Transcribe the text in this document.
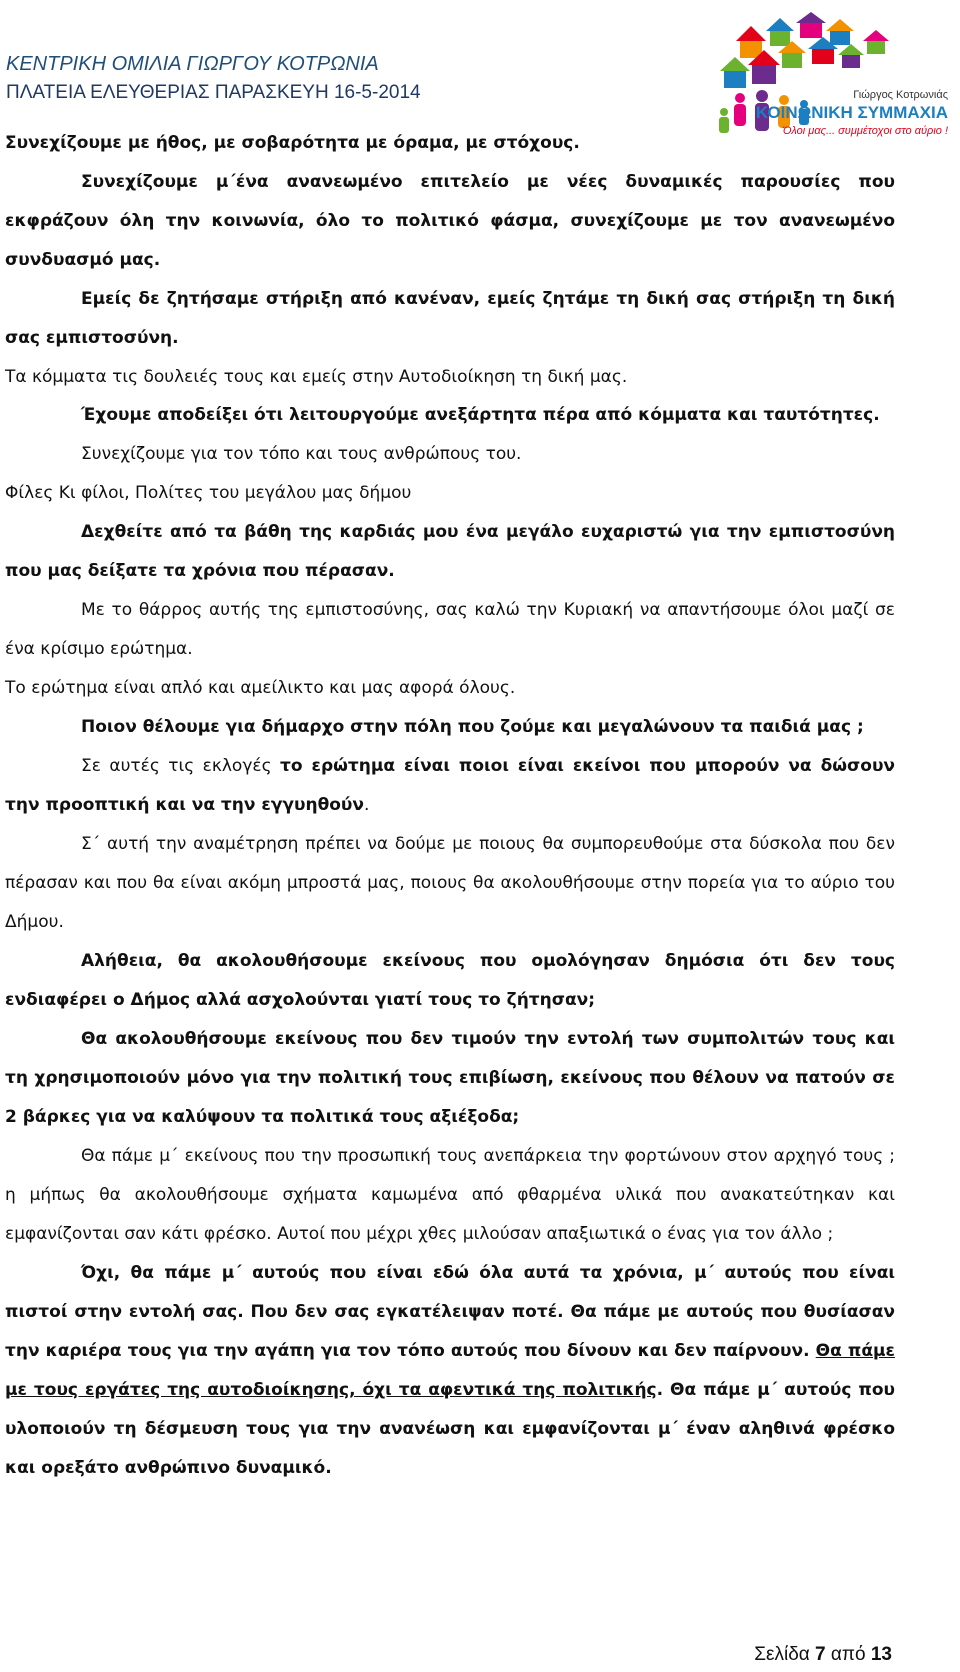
ΚΕΝΤΡΙΚΗ ΟΜΙΛΙΑ ΓΙΩΡΓΟΥ ΚΟΤΡΩΝΙΑ
ΠΛΑΤΕΙΑ ΕΛΕΥΘΕΡΙΑΣ ΠΑΡΑΣΚΕΥΗ 16-5-2014	Γιώργος Κοτρωνιάς
ΚΟΙΝΩΝΙΚΗ ΣΥΜΜΑΧΙΑ
Όλοι μας... συμμέτοχοι στο αύριο !

Συνεχίζουμε με ήθος, με σοβαρότητα με όραμα, με στόχους.

Συνεχίζουμε μ΄ένα ανανεωμένο επιτελείο με νέες δυναμικές παρουσίες που εκφράζουν όλη την κοινωνία, όλο το πολιτικό φάσμα, συνεχίζουμε με τον ανανεωμένο συνδυασμό μας.

Εμείς δε ζητήσαμε στήριξη από κανέναν, εμείς ζητάμε τη δική σας στήριξη τη δική σας εμπιστοσύνη.

Τα κόμματα τις δουλειές τους και εμείς στην Αυτοδιοίκηση τη δική μας.

Έχουμε αποδείξει ότι λειτουργούμε ανεξάρτητα πέρα από κόμματα και ταυτότητες.

Συνεχίζουμε για τον τόπο και τους ανθρώπους του.

Φίλες Κι φίλοι, Πολίτες του μεγάλου μας δήμου

Δεχθείτε από τα βάθη της καρδιάς μου ένα μεγάλο ευχαριστώ για την εμπιστοσύνη που μας δείξατε τα χρόνια που πέρασαν.

Με το θάρρος αυτής της εμπιστοσύνης, σας καλώ την Κυριακή να απαντήσουμε όλοι μαζί σε ένα κρίσιμο ερώτημα.

Το ερώτημα είναι απλό και αμείλικτο και μας αφορά όλους.

Ποιον θέλουμε για δήμαρχο στην πόλη που ζούμε και μεγαλώνουν τα παιδιά μας ;

Σε αυτές τις εκλογές το ερώτημα είναι ποιοι είναι εκείνοι που μπορούν να δώσουν την προοπτική και να την εγγυηθούν.

Σ΄ αυτή την αναμέτρηση πρέπει να δούμε με ποιους θα συμπορευθούμε στα δύσκολα που δεν πέρασαν και που θα είναι ακόμη μπροστά μας, ποιους θα ακολουθήσουμε στην πορεία για το αύριο του Δήμου.

Αλήθεια, θα ακολουθήσουμε εκείνους που ομολόγησαν δημόσια ότι δεν τους ενδιαφέρει ο Δήμος αλλά ασχολούνται γιατί τους το ζήτησαν;

Θα ακολουθήσουμε εκείνους που δεν τιμούν την εντολή των συμπολιτών τους και τη χρησιμοποιούν μόνο για την πολιτική τους επιβίωση, εκείνους που θέλουν να πατούν σε 2 βάρκες για να καλύψουν τα πολιτικά τους αξιέξοδα;

Θα πάμε μ΄ εκείνους που την προσωπική τους ανεπάρκεια την φορτώνουν στον αρχηγό τους ; η μήπως θα ακολουθήσουμε σχήματα καμωμένα από φθαρμένα υλικά που ανακατεύτηκαν και εμφανίζονται σαν κάτι φρέσκο. Αυτοί που μέχρι χθες μιλούσαν απαξιωτικά ο ένας για τον άλλο ;

Όχι, θα πάμε μ΄ αυτούς που είναι εδώ όλα αυτά τα χρόνια, μ΄ αυτούς που είναι πιστοί στην εντολή σας. Που δεν σας εγκατέλειψαν ποτέ. Θα πάμε με αυτούς που θυσίασαν την καριέρα τους για την αγάπη για τον τόπο αυτούς που δίνουν και δεν παίρνουν. Θα πάμε με τους εργάτες της αυτοδιοίκησης, όχι τα αφεντικά της πολιτικής. Θα πάμε μ΄ αυτούς που υλοποιούν τη δέσμευση τους για την ανανέωση και εμφανίζονται μ΄ έναν αληθινά φρέσκο και ορεξάτο ανθρώπινο δυναμικό.

Σελίδα 7 από 13
